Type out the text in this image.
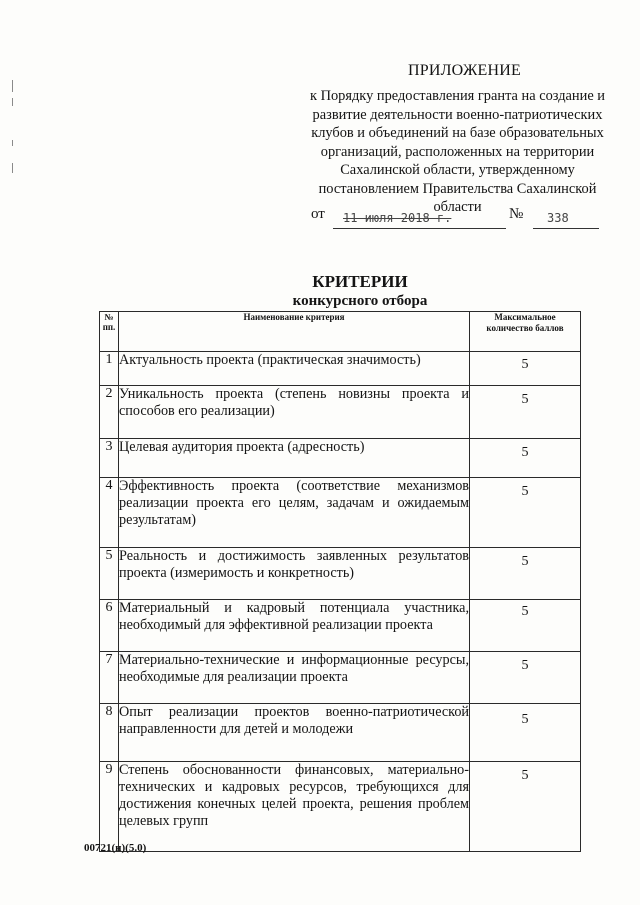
ПРИЛОЖЕНИЕ
к Порядку предоставления гранта на создание и развитие деятельности военно-патриотических клубов и объединений на базе образовательных организаций, расположенных на территории Сахалинской области, утвержденному постановлением Правительства Сахалинской области
от 11 июля 2018 г.	№ 338
КРИТЕРИИ
конкурсного отбора
№ пп.	Наименование критерия	Максимальное количество баллов
1	Актуальность проекта (практическая значимость)	5
2	Уникальность проекта (степень новизны проекта и способов его реализации)	5
3	Целевая аудитория проекта (адресность)	5
4	Эффективность проекта (соответствие механизмов реализации проекта его целям, задачам и ожидаемым результатам)	5
5	Реальность и достижимость заявленных результатов проекта (измеримость и конкретность)	5
6	Материальный и кадровый потенциала участника, необходимый для эффективной реализации проекта	5
7	Материально-технические и информационные ресурсы, необходимые для реализации проекта	5
8	Опыт реализации проектов военно-патриотической направленности для детей и молодежи	5
9	Степень обоснованности финансовых, материально-технических и кадровых ресурсов, требующихся для достижения конечных целей проекта, решения проблем целевых групп	5
00721(н)(5.0)
